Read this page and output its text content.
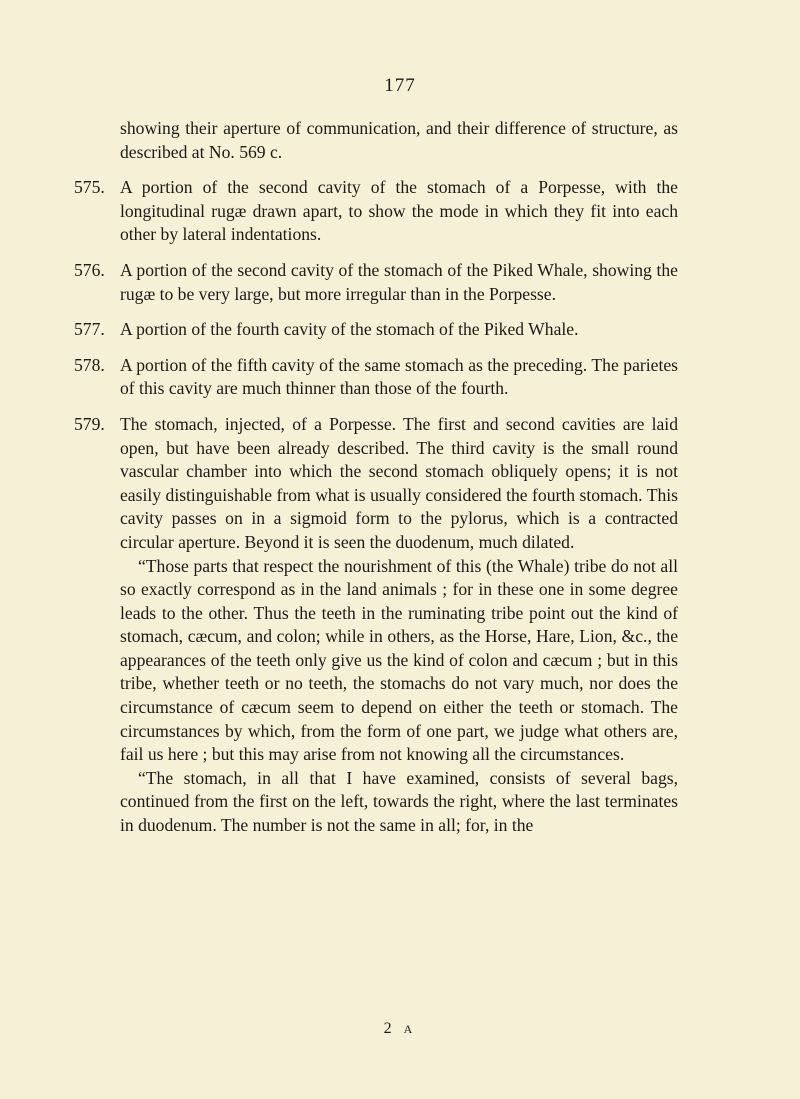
177

showing their aperture of communication, and their difference of structure, as described at No. 569 c.

575. A portion of the second cavity of the stomach of a Porpesse, with the longitudinal rugæ drawn apart, to show the mode in which they fit into each other by lateral indentations.

576. A portion of the second cavity of the stomach of the Piked Whale, showing the rugæ to be very large, but more irregular than in the Porpesse.

577. A portion of the fourth cavity of the stomach of the Piked Whale.

578. A portion of the fifth cavity of the same stomach as the preceding. The parietes of this cavity are much thinner than those of the fourth.

579. The stomach, injected, of a Porpesse. The first and second cavities are laid open, but have been already described. The third cavity is the small round vascular chamber into which the second stomach obliquely opens; it is not easily distinguishable from what is usually considered the fourth stomach. This cavity passes on in a sigmoid form to the pylorus, which is a contracted circular aperture. Beyond it is seen the duodenum, much dilated.

“Those parts that respect the nourishment of this (the Whale) tribe do not all so exactly correspond as in the land animals ; for in these one in some degree leads to the other. Thus the teeth in the ruminating tribe point out the kind of stomach, cæcum, and colon; while in others, as the Horse, Hare, Lion, &c., the appearances of the teeth only give us the kind of colon and cæcum ; but in this tribe, whether teeth or no teeth, the stomachs do not vary much, nor does the circumstance of cæcum seem to depend on either the teeth or stomach. The circumstances by which, from the form of one part, we judge what others are, fail us here ; but this may arise from not knowing all the circumstances.

“The stomach, in all that I have examined, consists of several bags, continued from the first on the left, towards the right, where the last terminates in duodenum. The number is not the same in all; for, in the

2 A
